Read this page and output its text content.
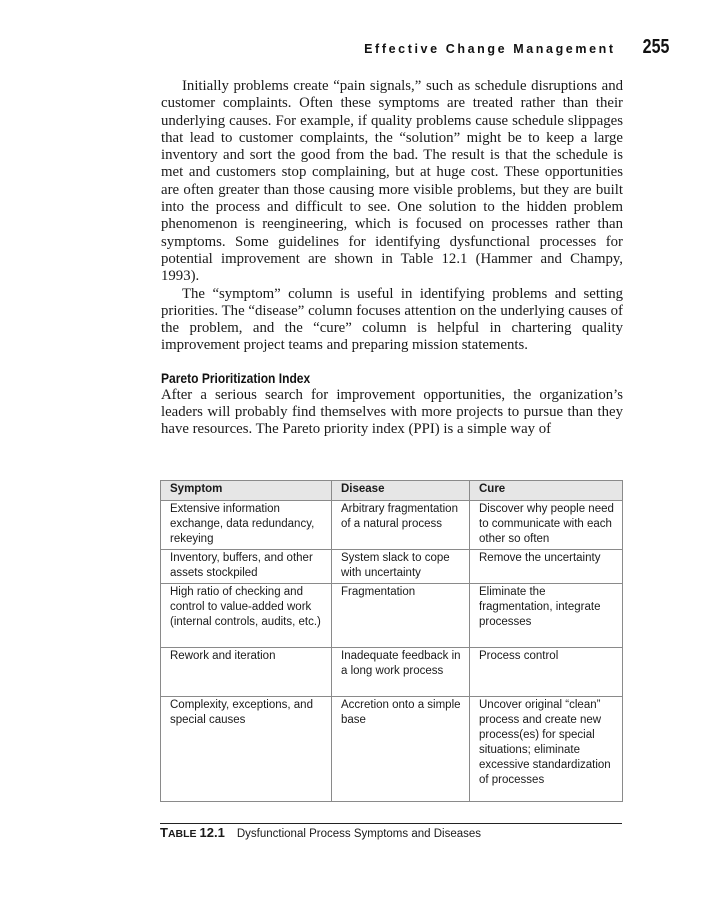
Effective Change Management 255

Initially problems create “pain signals,” such as schedule disruptions and customer complaints. Often these symptoms are treated rather than their underlying causes. For example, if quality problems cause schedule slippages that lead to customer complaints, the “solution” might be to keep a large inventory and sort the good from the bad. The result is that the schedule is met and customers stop complaining, but at huge cost. These opportunities are often greater than those causing more visible problems, but they are built into the process and difficult to see. One solution to the hidden problem phenomenon is reengineering, which is focused on processes rather than symptoms. Some guidelines for identifying dysfunctional processes for potential improvement are shown in Table 12.1 (Hammer and Champy, 1993).

The “symptom” column is useful in identifying problems and setting priorities. The “disease” column focuses attention on the underlying causes of the problem, and the “cure” column is helpful in chartering quality improvement project teams and preparing mission statements.

Pareto Prioritization Index

After a serious search for improvement opportunities, the organization’s leaders will probably find themselves with more projects to pursue than they have resources. The Pareto priority index (PPI) is a simple way of

Symptom	Disease	Cure
Extensive information exchange, data redundancy, rekeying	Arbitrary fragmentation of a natural process	Discover why people need to communicate with each other so often
Inventory, buffers, and other assets stockpiled	System slack to cope with uncertainty	Remove the uncertainty
High ratio of checking and control to value-added work (internal controls, audits, etc.)	Fragmentation	Eliminate the fragmentation, integrate processes
Rework and iteration	Inadequate feedback in a long work process	Process control
Complexity, exceptions, and special causes	Accretion onto a simple base	Uncover original “clean” process and create new process(es) for special situations; eliminate excessive standardization of processes
TABLE 12.1 Dysfunctional Process Symptoms and Diseases
